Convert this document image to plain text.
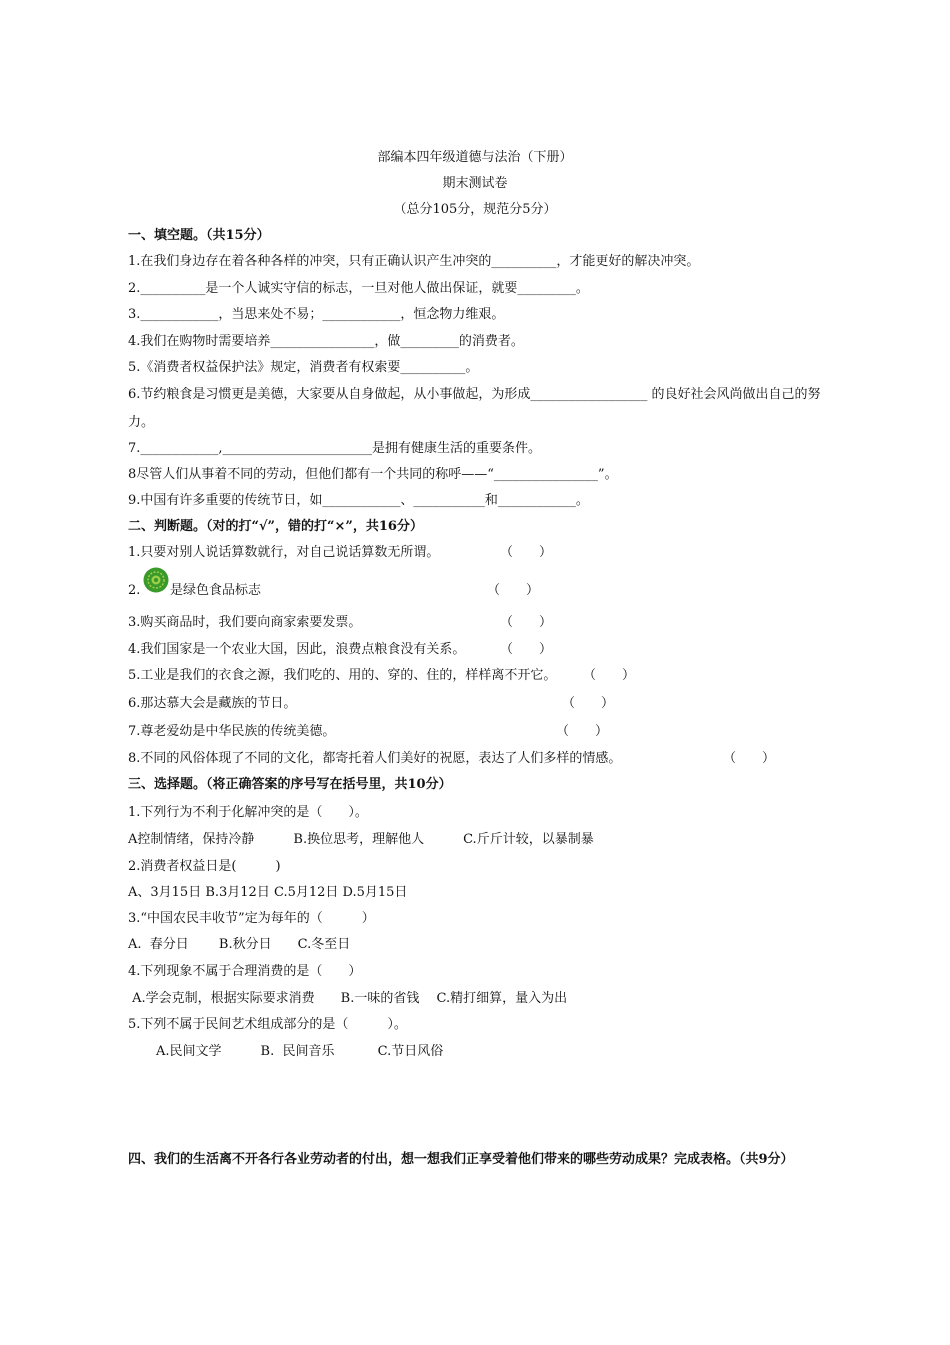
部编本四年级道德与法治（下册）
期末测试卷
（总分105分，规范分5分）
一、填空题。（共15分）
1.在我们身边存在着各种各样的冲突，只有正确认识产生冲突的__________，才能更好的解决冲突。
2.__________是一个人诚实守信的标志，一旦对他人做出保证，就要_________。
3.____________，当思来处不易；____________，恒念物力维艰。
4.我们在购物时需要培养________________，做_________的消费者。
5.《消费者权益保护法》规定，消费者有权索要__________。
6.节约粮食是习惯更是美德，大家要从自身做起，从小事做起，为形成__________________ 的良好社会风尚做出自己的努
力。
7.____________,_______________________是拥有健康生活的重要条件。
8尽管人们从事着不同的劳动，但他们都有一个共同的称呼——“________________”。
9.中国有许多重要的传统节日，如____________、___________和____________。
二、判断题。（对的打“√”，错的打“×”，共16分）
1.只要对别人说话算数就行，对自己说话算数无所谓。	（　　）
2. 是绿色食品标志	（　　）
3.购买商品时，我们要向商家索要发票。	（　　）
4.我们国家是一个农业大国，因此，浪费点粮食没有关系。	（　　）
5.工业是我们的衣食之源，我们吃的、用的、穿的、住的，样样离不开它。 （　　）
6.那达慕大会是藏族的节日。	（　　）
7.尊老爱幼是中华民族的传统美德。	（　　）
8.不同的风俗体现了不同的文化，都寄托着人们美好的祝愿，表达了人们多样的情感。	（　　）
三、选择题。（将正确答案的序号写在括号里，共10分）
1.下列行为不利于化解冲突的是（　　）。
A控制情绪，保持冷静　　　B.换位思考，理解他人　　　C.斤斤计较，以暴制暴
2.消费者权益日是(　　　)
A、3月15日 B.3月12日 C.5月12日 D.5月15日
3.“中国农民丰收节”定为每年的（　　　）
A.  春分日　　 B.秋分日　　C.冬至日
4.下列现象不属于合理消费的是（　　）
A.学会克制，根据实际要求消费　　B.一味的省钱　 C.精打细算，量入为出
5.下列不属于民间艺术组成部分的是（　　　）。
A.民间文学　　　B.  民间音乐　　　 C.节日风俗
四、我们的生活离不开各行各业劳动者的付出，想一想我们正享受着他们带来的哪些劳动成果？完成表格。（共9分）
